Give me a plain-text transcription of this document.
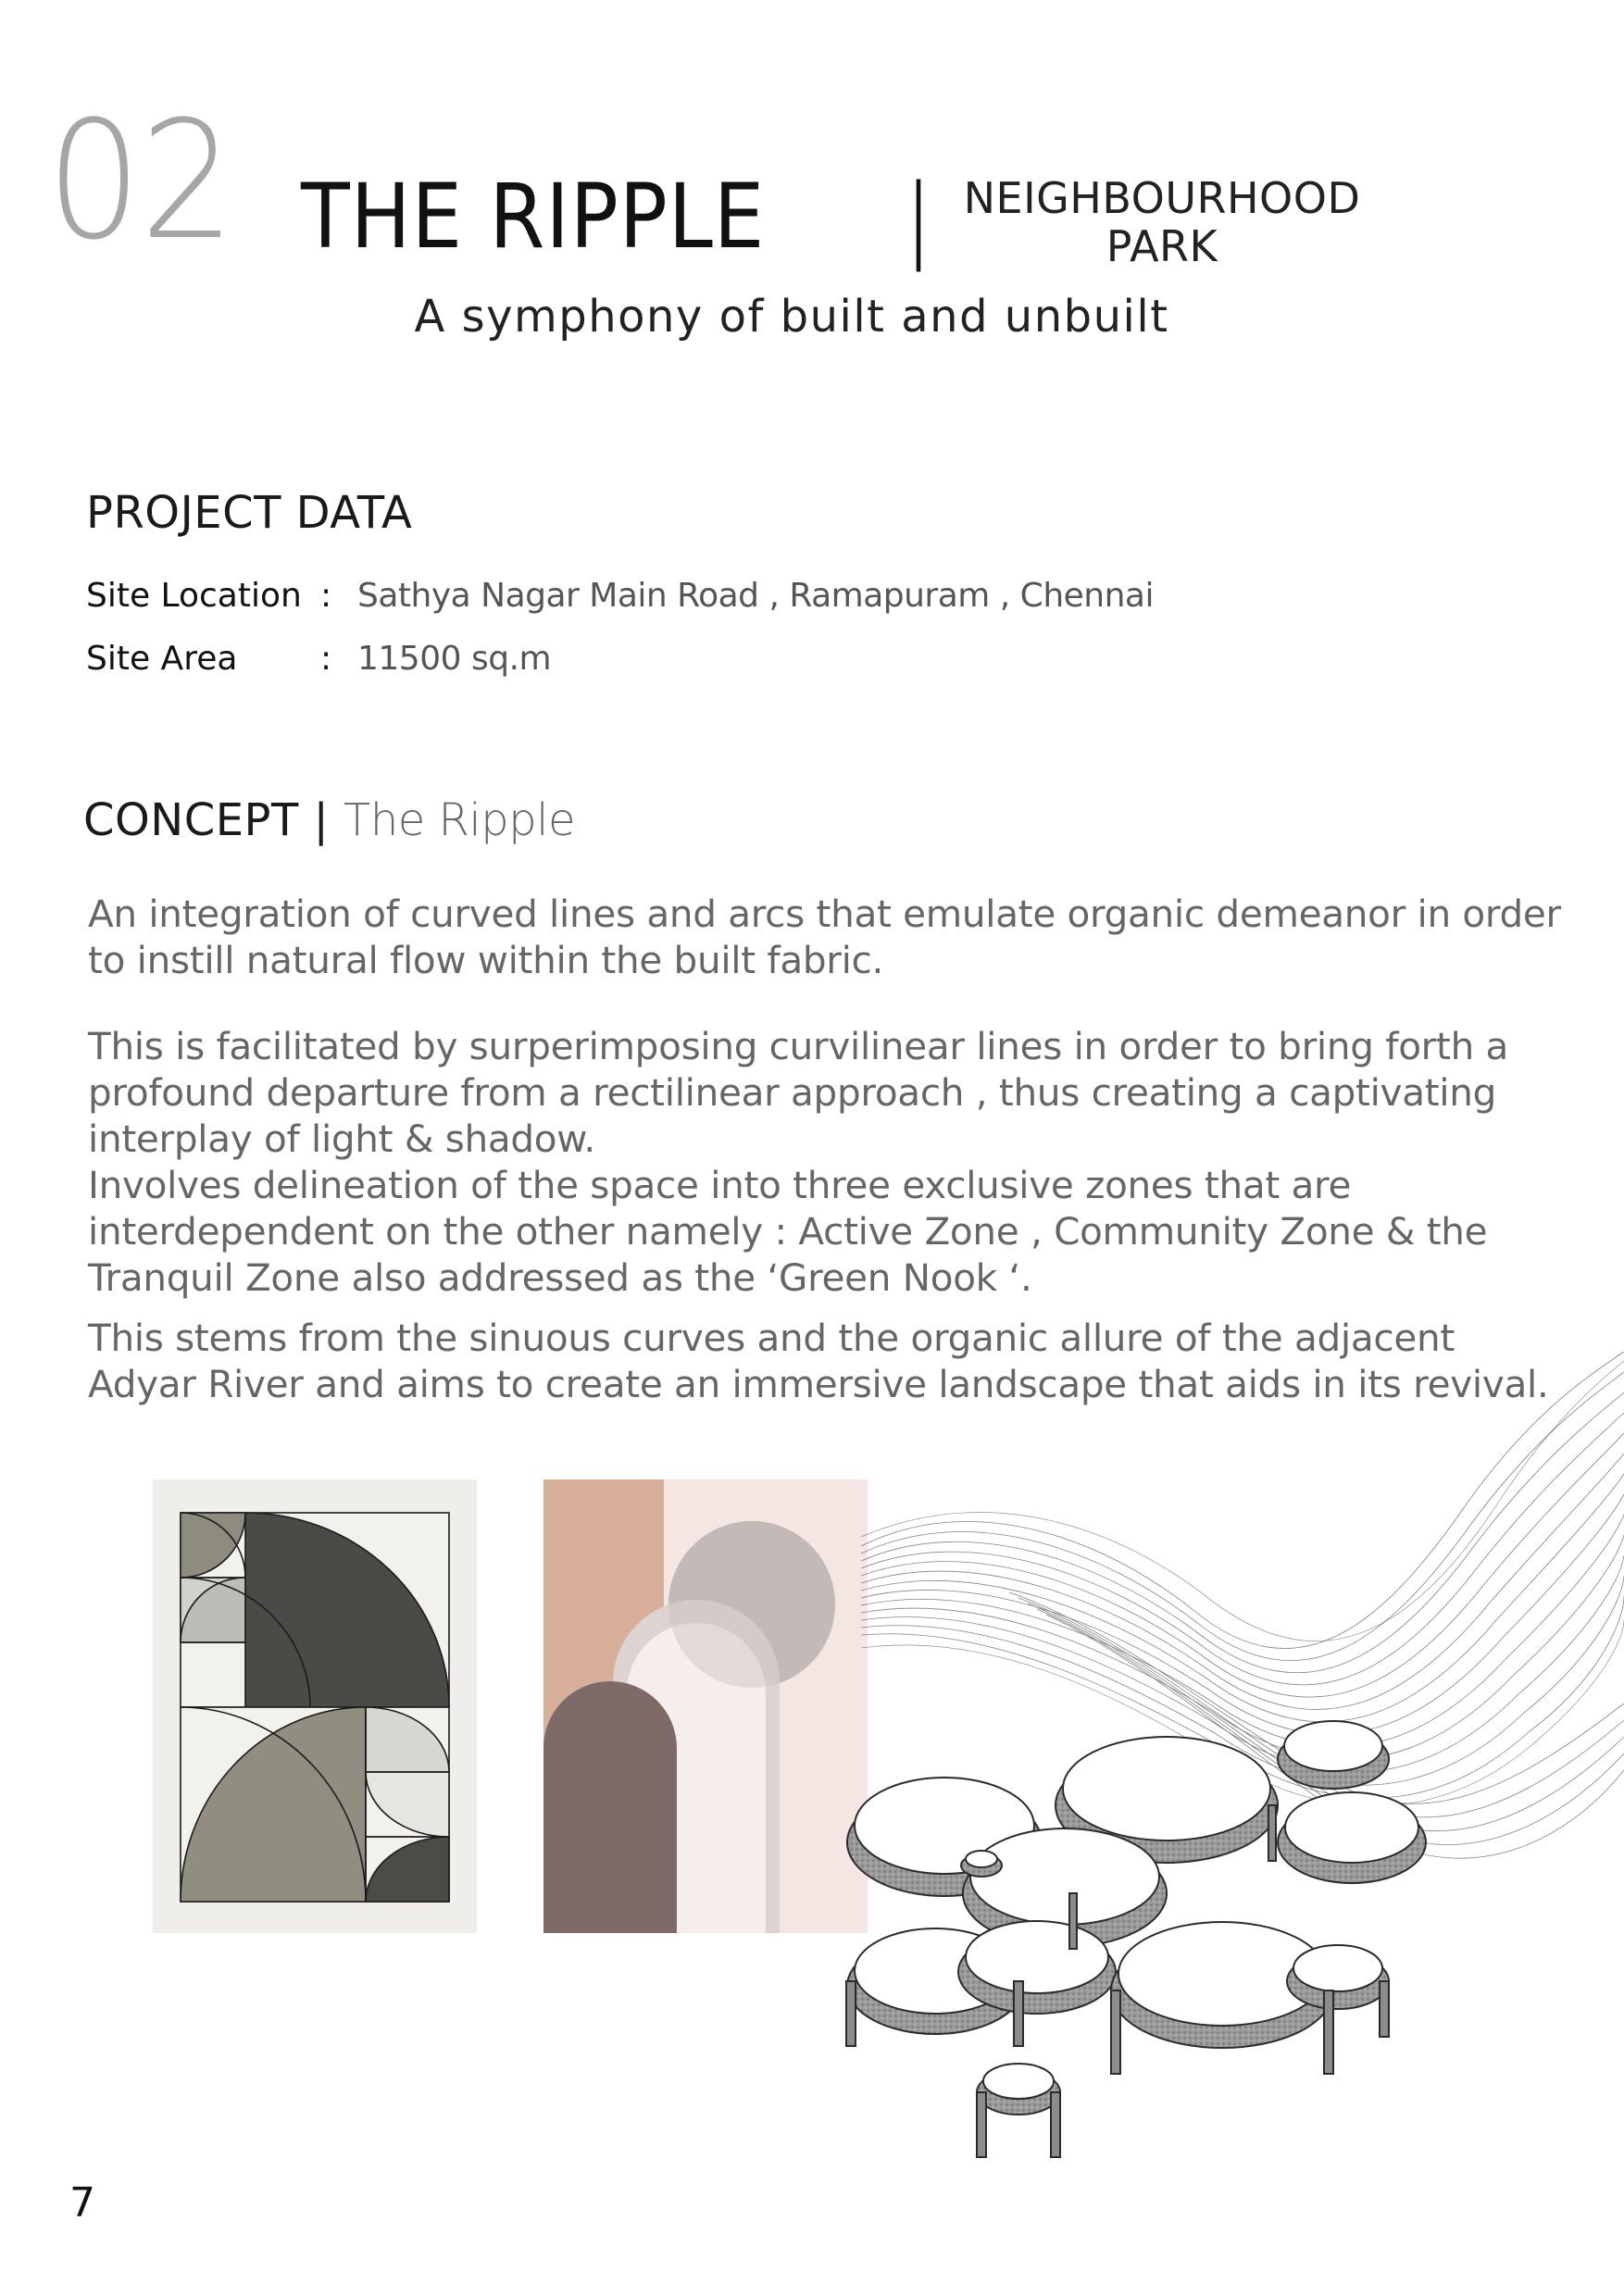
02 THE RIPPLE | NEIGHBOURHOOD
PARK
A symphony of built and unbuilt
PROJECT DATA
Site Location : Sathya Nagar Main Road , Ramapuram , Chennai
Site Area : 11500 sq.m
CONCEPT | The Ripple
An integration of curved lines and arcs that emulate organic demeanor in order to instill natural flow within the built fabric.
This is facilitated by surperimposing curvilinear lines in order to bring forth a profound departure from a rectilinear approach , thus creating a captivating interplay of light & shadow.
Involves delineation of the space into three exclusive zones that are interdependent on the other namely : Active Zone , Community Zone & the Tranquil Zone also addressed as the ‘Green Nook ‘.
This stems from the sinuous curves and the organic allure of the adjacent Adyar River and aims to create an immersive landscape that aids in its revival.
7
